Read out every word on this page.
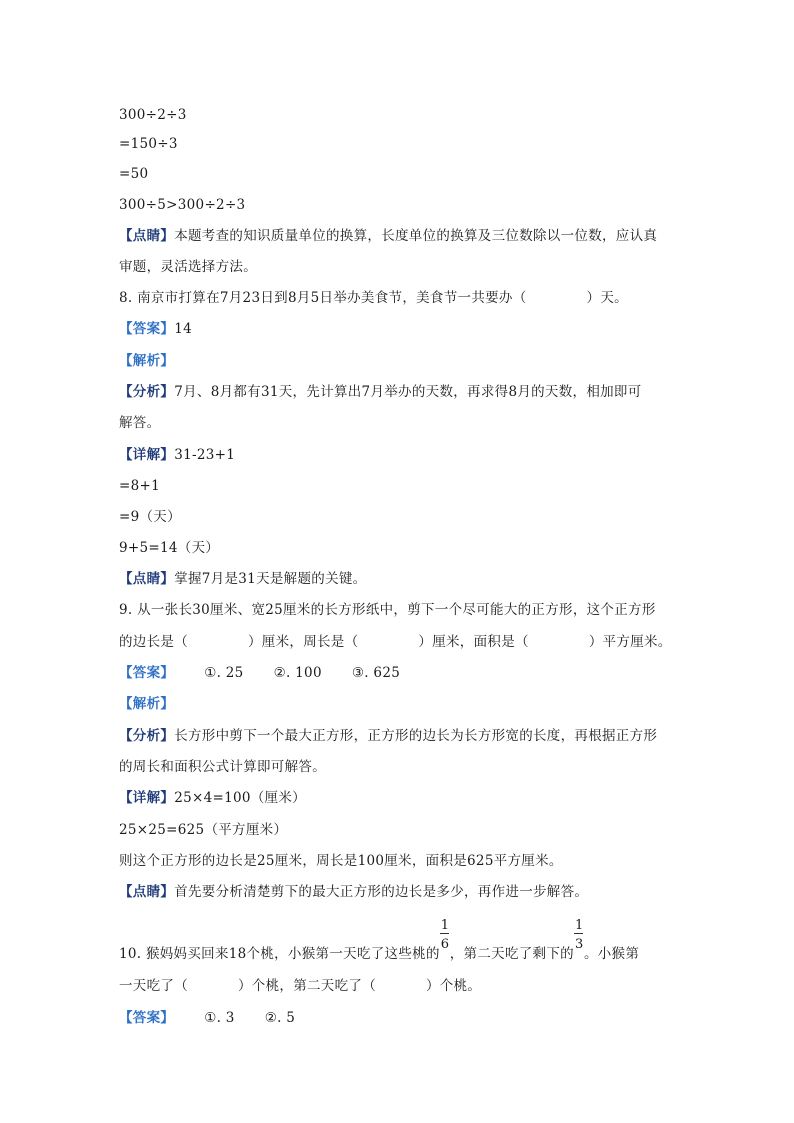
300÷2÷3
=150÷3
=50
300÷5>300÷2÷3
【点睛】本题考查的知识质量单位的换算，长度单位的换算及三位数除以一位数，应认真
审题，灵活选择方法。
8. 南京市打算在7月23日到8月5日举办美食节，美食节一共要办（	）天。
【答案】14
【解析】
【分析】7月、8月都有31天，先计算出7月举办的天数，再求得8月的天数，相加即可
解答。
【详解】31-23+1
=8+1
=9（天）
9+5=14（天）
【点睛】掌握7月是31天是解题的关键。
9. 从一张长30厘米、宽25厘米的长方形纸中，剪下一个尽可能大的正方形，这个正方形
的边长是（	）厘米，周长是（	）厘米，面积是（	）平方厘米。
【答案】 ①. 25 ②. 100 ③. 625
【解析】
【分析】长方形中剪下一个最大正方形，正方形的边长为长方形宽的长度，再根据正方形
的周长和面积公式计算即可解答。
【详解】25×4=100（厘米）
25×25=625（平方厘米）
则这个正方形的边长是25厘米，周长是100厘米，面积是625平方厘米。
【点睛】首先要分析清楚剪下的最大正方形的边长是多少，再作进一步解答。
10. 猴妈妈买回来18个桃，小猴第一天吃了这些桃的 $\frac{1}{6}$ ，第二天吃了剩下的 $\frac{1}{3}$ 。小猴第
一天吃了（	）个桃，第二天吃了（	）个桃。
【答案】 ①. 3 ②. 5
